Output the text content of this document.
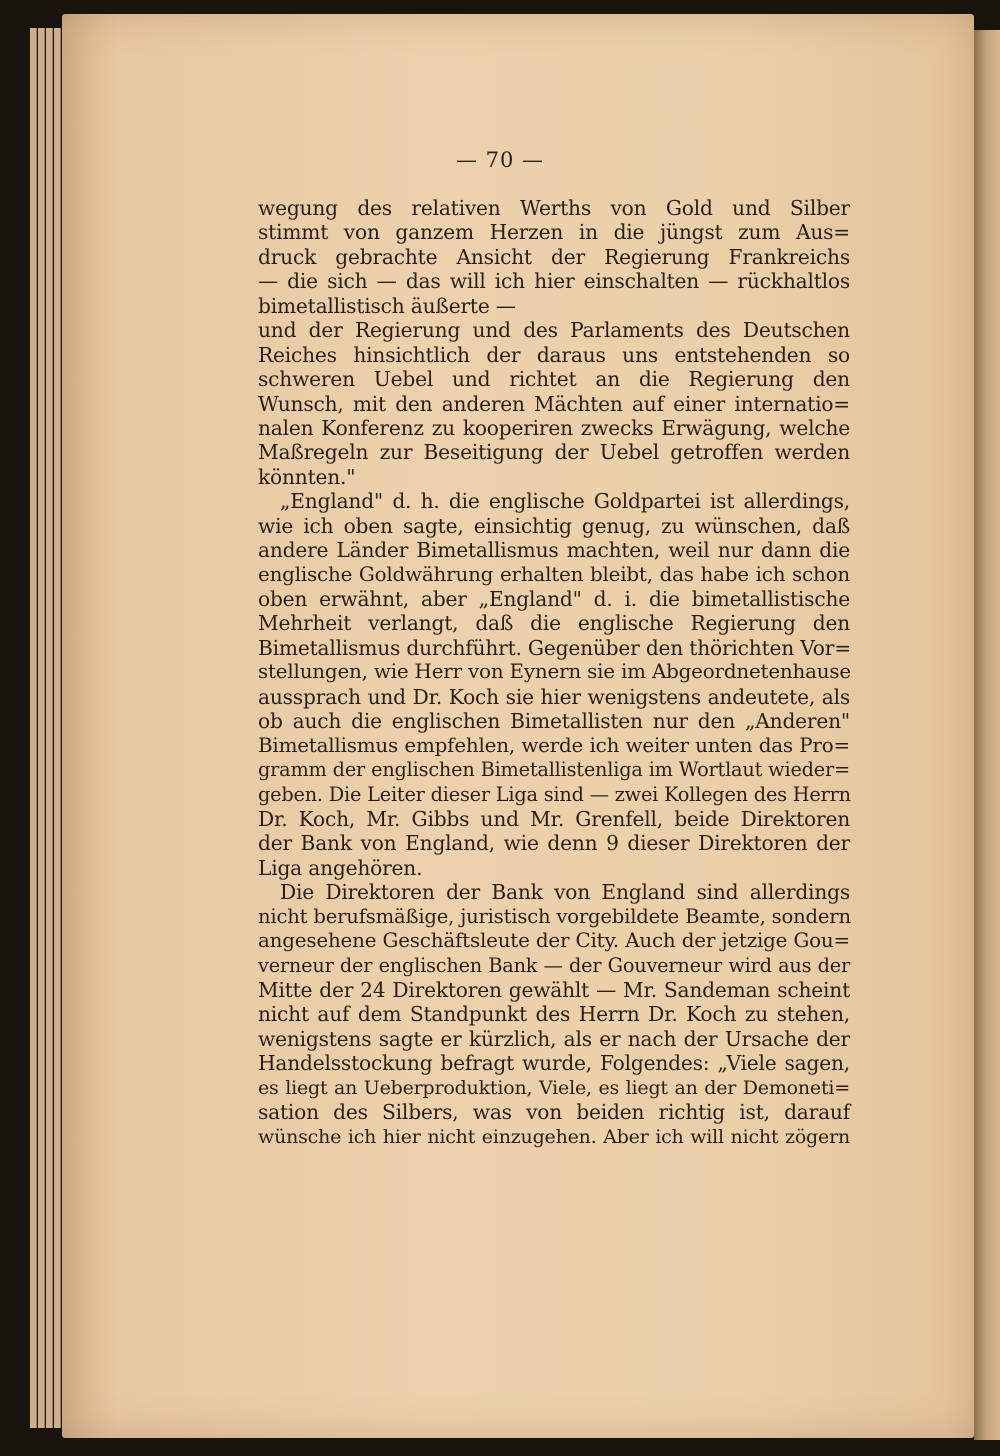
— 70 —
wegung des relativen Werths von Gold und Silber
stimmt von ganzem Herzen in die jüngst zum Aus=
druck gebrachte Ansicht der Regierung Frankreichs
— die sich — das will ich hier einschalten — rückhaltlos
bimetallistisch äußerte —
und der Regierung und des Parlaments des Deutschen
Reiches hinsichtlich der daraus uns entstehenden so
schweren Uebel und richtet an die Regierung den
Wunsch, mit den anderen Mächten auf einer internatio=
nalen Konferenz zu kooperiren zwecks Erwägung, welche
Maßregeln zur Beseitigung der Uebel getroffen werden
könnten."
„England" d. h. die englische Goldpartei ist allerdings,
wie ich oben sagte, einsichtig genug, zu wünschen, daß
andere Länder Bimetallismus machten, weil nur dann die
englische Goldwährung erhalten bleibt, das habe ich schon
oben erwähnt, aber „England" d. i. die bimetallistische
Mehrheit verlangt, daß die englische Regierung den
Bimetallismus durchführt. Gegenüber den thörichten Vor=
stellungen, wie Herr von Eynern sie im Abgeordnetenhause
aussprach und Dr. Koch sie hier wenigstens andeutete, als
ob auch die englischen Bimetallisten nur den „Anderen"
Bimetallismus empfehlen, werde ich weiter unten das Pro=
gramm der englischen Bimetallistenliga im Wortlaut wieder=
geben. Die Leiter dieser Liga sind — zwei Kollegen des Herrn
Dr. Koch, Mr. Gibbs und Mr. Grenfell, beide Direktoren
der Bank von England, wie denn 9 dieser Direktoren der
Liga angehören.
Die Direktoren der Bank von England sind allerdings
nicht berufsmäßige, juristisch vorgebildete Beamte, sondern
angesehene Geschäftsleute der City. Auch der jetzige Gou=
verneur der englischen Bank — der Gouverneur wird aus der
Mitte der 24 Direktoren gewählt — Mr. Sandeman scheint
nicht auf dem Standpunkt des Herrn Dr. Koch zu stehen,
wenigstens sagte er kürzlich, als er nach der Ursache der
Handelsstockung befragt wurde, Folgendes: „Viele sagen,
es liegt an Ueberproduktion, Viele, es liegt an der Demoneti=
sation des Silbers, was von beiden richtig ist, darauf
wünsche ich hier nicht einzugehen. Aber ich will nicht zögern
